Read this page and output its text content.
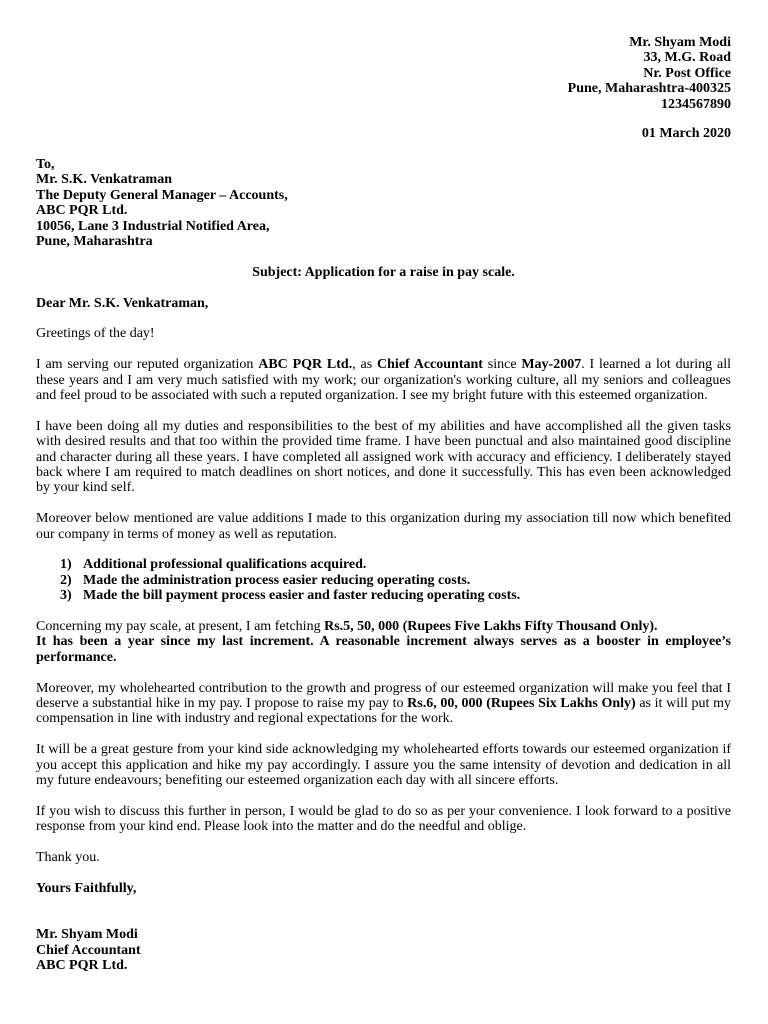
Mr. Shyam Modi
33, M.G. Road
Nr. Post Office
Pune, Maharashtra-400325
1234567890
01 March 2020
To,
Mr. S.K. Venkatraman
The Deputy General Manager – Accounts,
ABC PQR Ltd.
10056, Lane 3 Industrial Notified Area,
Pune, Maharashtra

Subject: Application for a raise in pay scale.

Dear Mr. S.K. Venkatraman,

Greetings of the day!

I am serving our reputed organization ABC PQR Ltd., as Chief Accountant since May-2007. I learned a lot during all these years and I am very much satisfied with my work; our organization's working culture, all my seniors and colleagues and feel proud to be associated with such a reputed organization. I see my bright future with this esteemed organization.

I have been doing all my duties and responsibilities to the best of my abilities and have accomplished all the given tasks with desired results and that too within the provided time frame. I have been punctual and also maintained good discipline and character during all these years. I have completed all assigned work with accuracy and efficiency. I deliberately stayed back where I am required to match deadlines on short notices, and done it successfully. This has even been acknowledged by your kind self.

Moreover below mentioned are value additions I made to this organization during my association till now which benefited our company in terms of money as well as reputation.

1) Additional professional qualifications acquired.
2) Made the administration process easier reducing operating costs.
3) Made the bill payment process easier and faster reducing operating costs.
Concerning my pay scale, at present, I am fetching Rs.5, 50, 000 (Rupees Five Lakhs Fifty Thousand Only).
It has been a year since my last increment. A reasonable increment always serves as a booster in employee’s performance.

Moreover, my wholehearted contribution to the growth and progress of our esteemed organization will make you feel that I deserve a substantial hike in my pay. I propose to raise my pay to Rs.6, 00, 000 (Rupees Six Lakhs Only) as it will put my compensation in line with industry and regional expectations for the work.

It will be a great gesture from your kind side acknowledging my wholehearted efforts towards our esteemed organization if you accept this application and hike my pay accordingly. I assure you the same intensity of devotion and dedication in all my future endeavours; benefiting our esteemed organization each day with all sincere efforts.

If you wish to discuss this further in person, I would be glad to do so as per your convenience. I look forward to a positive response from your kind end. Please look into the matter and do the needful and oblige.

Thank you.

Yours Faithfully,

Mr. Shyam Modi
Chief Accountant
ABC PQR Ltd.
